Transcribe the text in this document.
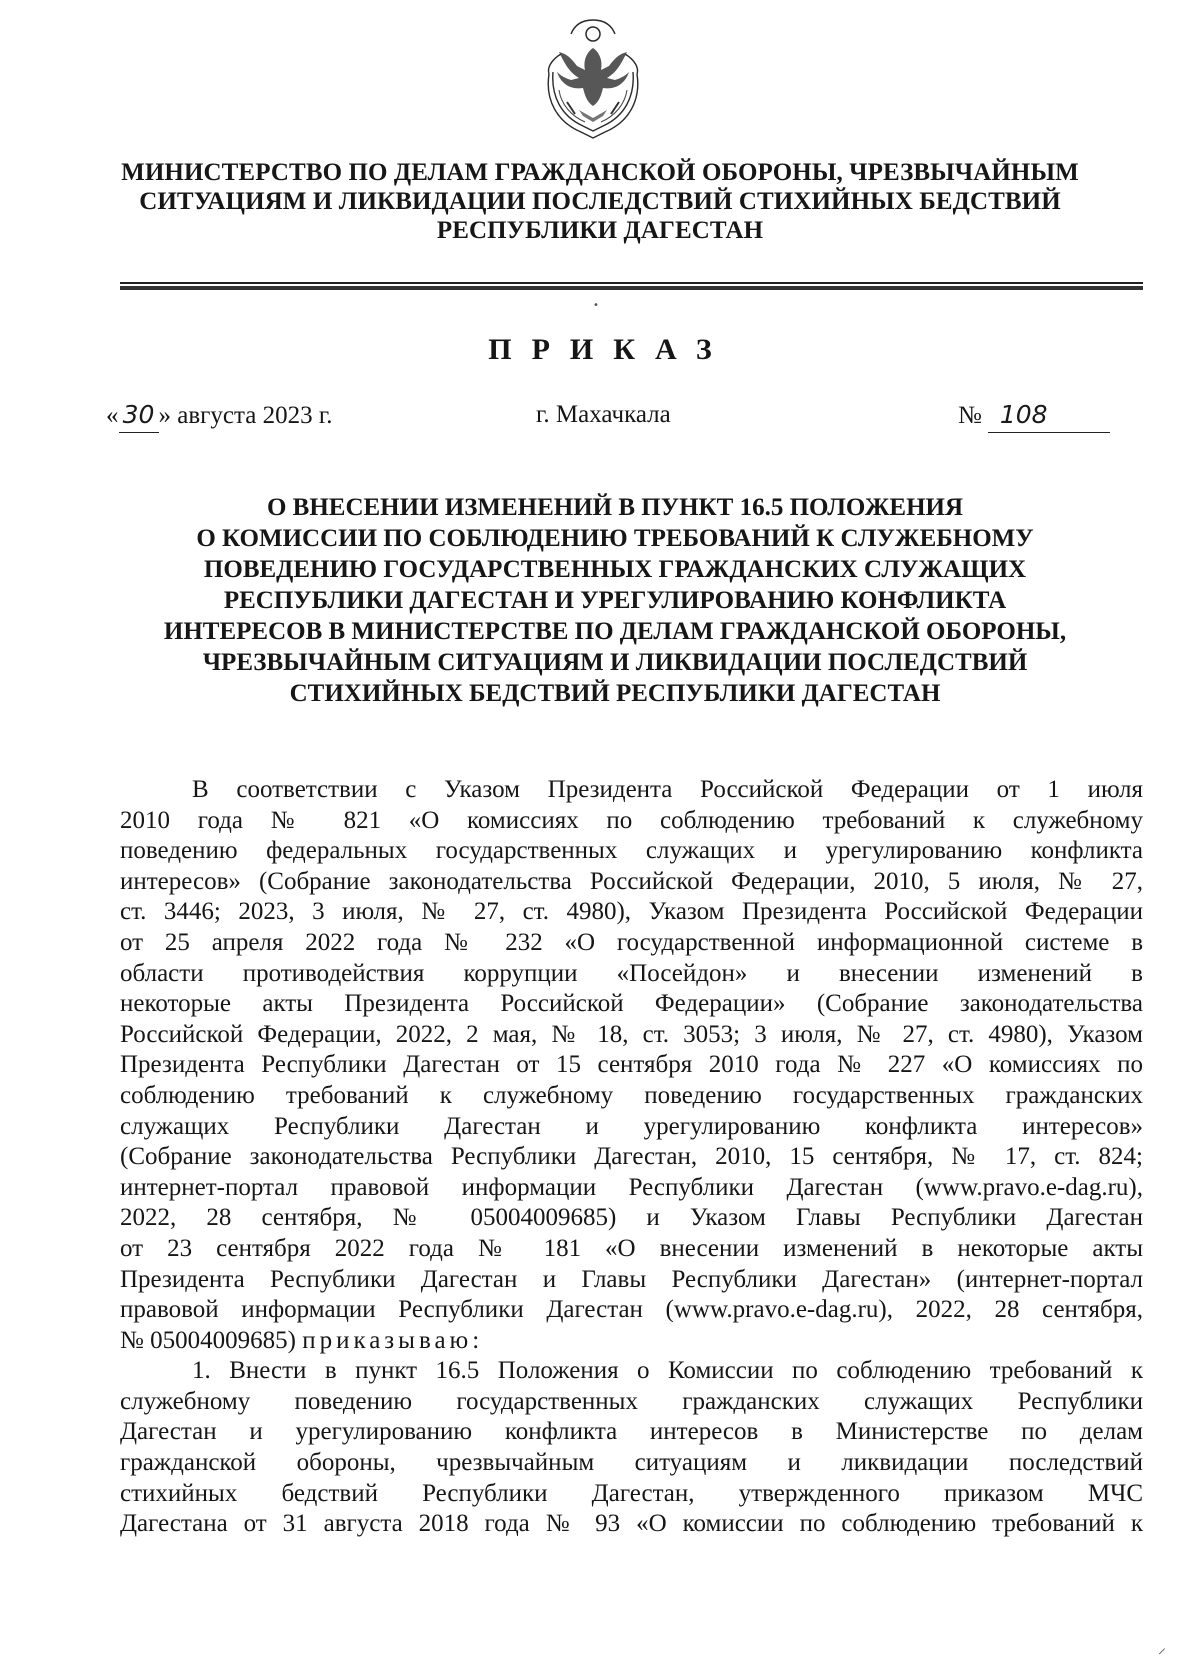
МИНИСТЕРСТВО ПО ДЕЛАМ ГРАЖДАНСКОЙ ОБОРОНЫ, ЧРЕЗВЫЧАЙНЫМ
СИТУАЦИЯМ И ЛИКВИДАЦИИ ПОСЛЕДСТВИЙ СТИХИЙНЫХ БЕДСТВИЙ
РЕСПУБЛИКИ ДАГЕСТАН
ПРИКАЗ
« 30 » августа 2023 г.	г. Махачкала	№ 108
О ВНЕСЕНИИ ИЗМЕНЕНИЙ В ПУНКТ 16.5 ПОЛОЖЕНИЯ
О КОМИССИИ ПО СОБЛЮДЕНИЮ ТРЕБОВАНИЙ К СЛУЖЕБНОМУ
ПОВЕДЕНИЮ ГОСУДАРСТВЕННЫХ ГРАЖДАНСКИХ СЛУЖАЩИХ
РЕСПУБЛИКИ ДАГЕСТАН И УРЕГУЛИРОВАНИЮ КОНФЛИКТА
ИНТЕРЕСОВ В МИНИСТЕРСТВЕ ПО ДЕЛАМ ГРАЖДАНСКОЙ ОБОРОНЫ,
ЧРЕЗВЫЧАЙНЫМ СИТУАЦИЯМ И ЛИКВИДАЦИИ ПОСЛЕДСТВИЙ
СТИХИЙНЫХ БЕДСТВИЙ РЕСПУБЛИКИ ДАГЕСТАН
В соответствии с Указом Президента Российской Федерации от 1 июля
2010 года № 821 «О комиссиях по соблюдению требований к служебному
поведению федеральных государственных служащих и урегулированию конфликта
интересов» (Собрание законодательства Российской Федерации, 2010, 5 июля, № 27,
ст. 3446; 2023, 3 июля, № 27, ст. 4980), Указом Президента Российской Федерации
от 25 апреля 2022 года № 232 «О государственной информационной системе в
области противодействия коррупции «Посейдон» и внесении изменений в
некоторые акты Президента Российской Федерации» (Собрание законодательства
Российской Федерации, 2022, 2 мая, № 18, ст. 3053; 3 июля, № 27, ст. 4980), Указом
Президента Республики Дагестан от 15 сентября 2010 года № 227 «О комиссиях по
соблюдению требований к служебному поведению государственных гражданских
служащих Республики Дагестан и урегулированию конфликта интересов»
(Собрание законодательства Республики Дагестан, 2010, 15 сентября, № 17, ст. 824;
интернет-портал правовой информации Республики Дагестан (www.pravo.e-dag.ru),
2022, 28 сентября, № 05004009685) и Указом Главы Республики Дагестан
от 23 сентября 2022 года № 181 «О внесении изменений в некоторые акты
Президента Республики Дагестан и Главы Республики Дагестан» (интернет-портал
правовой информации Республики Дагестан (www.pravo.e-dag.ru), 2022, 28 сентября,
№ 05004009685) приказываю:
1. Внести в пункт 16.5 Положения о Комиссии по соблюдению требований к
служебному поведению государственных гражданских служащих Республики
Дагестан и урегулированию конфликта интересов в Министерстве по делам
гражданской обороны, чрезвычайным ситуациям и ликвидации последствий
стихийных бедствий Республики Дагестан, утвержденного приказом МЧС
Дагестана от 31 августа 2018 года № 93 «О комиссии по соблюдению требований к
⸝
•
